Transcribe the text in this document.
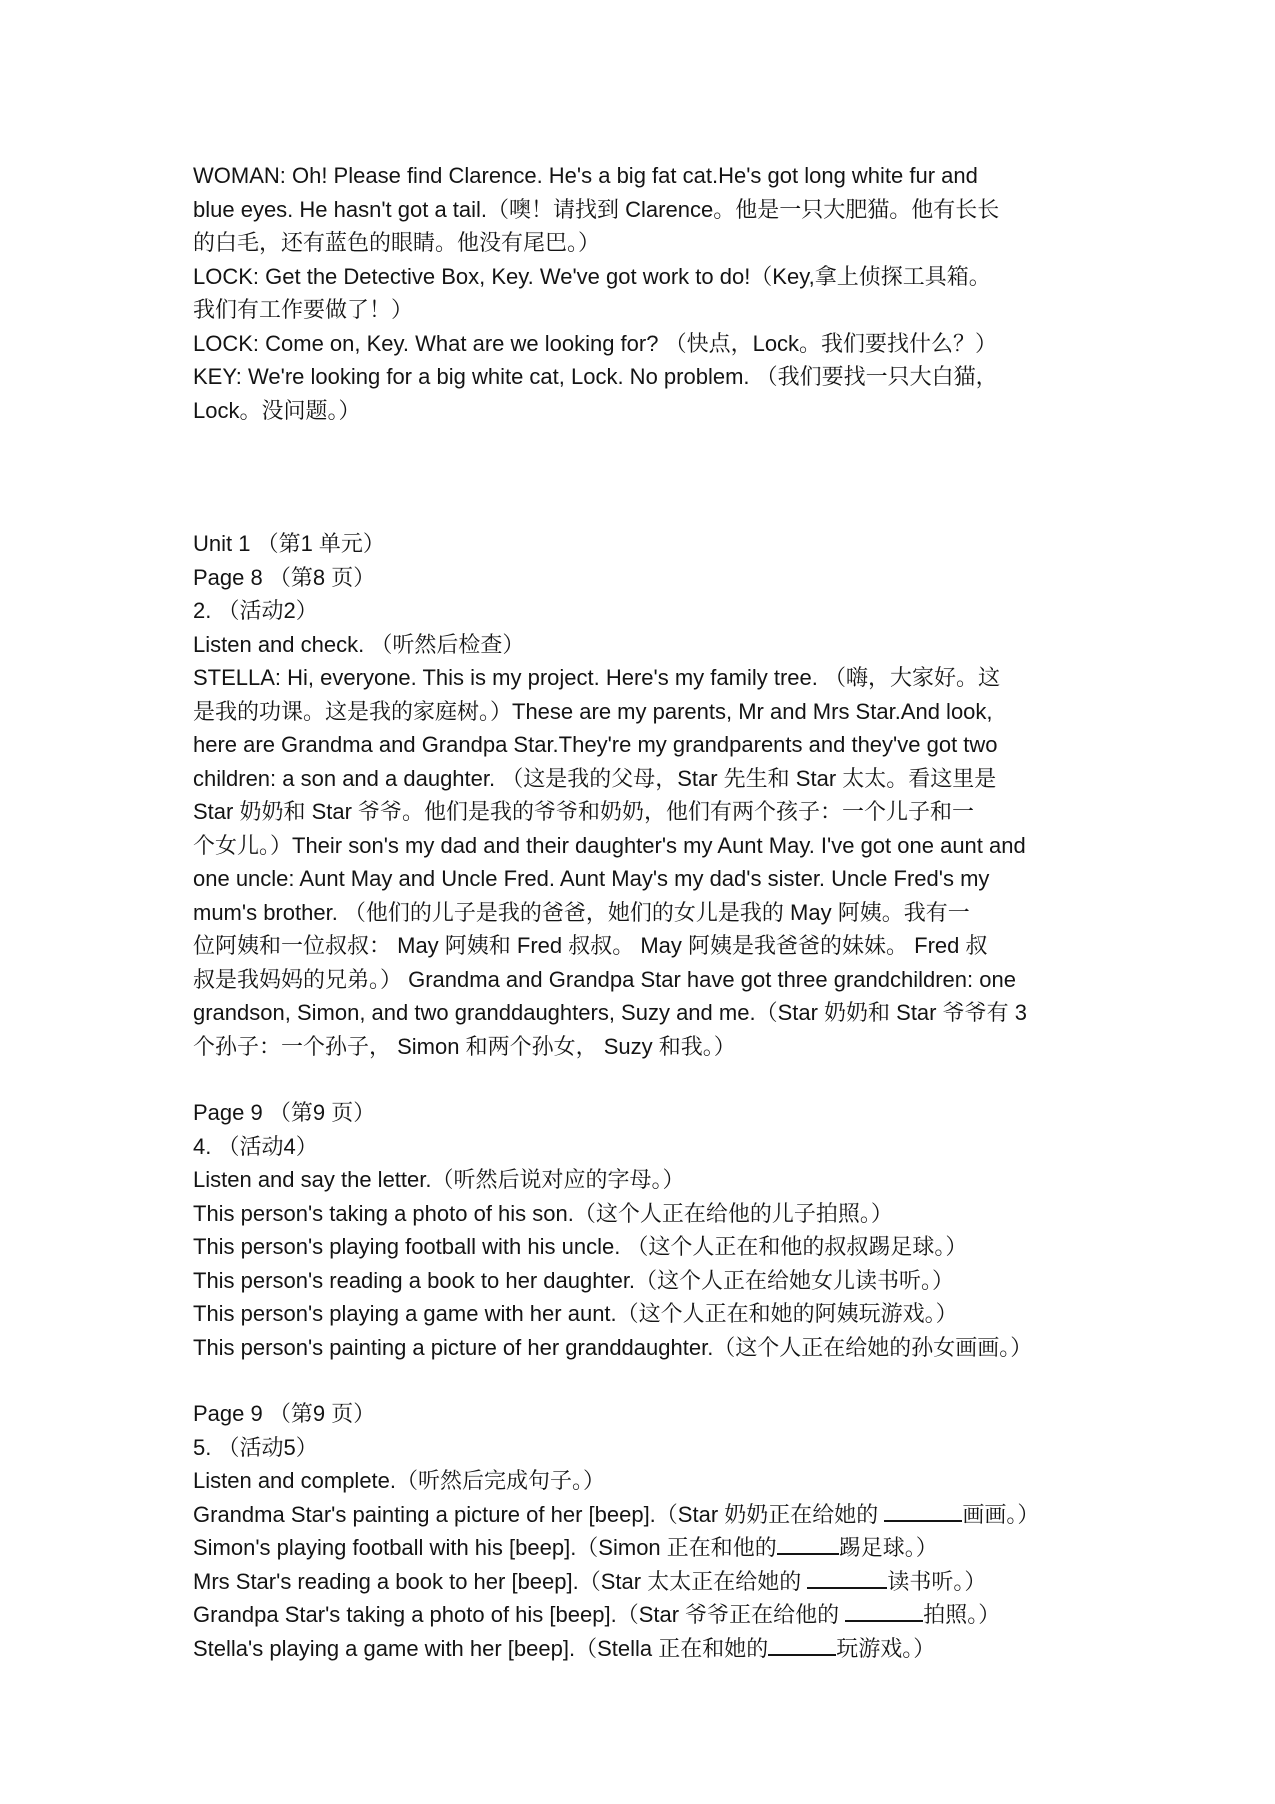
WOMAN: Oh! Please find Clarence. He's a big fat cat.He's got long white fur and
blue eyes. He hasn't got a tail.（噢！请找到 Clarence。他是一只大肥猫。他有长长
的白毛，还有蓝色的眼睛。他没有尾巴。）
LOCK: Get the Detective Box, Key. We've got work to do!（Key,拿上侦探工具箱。
我们有工作要做了！）
LOCK: Come on, Key. What are we looking for? （快点，Lock。我们要找什么？）
KEY: We're looking for a big white cat, Lock. No problem. （我们要找一只大白猫，
Lock。没问题。）
Unit 1 （第1 单元）
Page 8 （第8 页）
2. （活动2）
Listen and check. （听然后检查）
STELLA: Hi, everyone. This is my project. Here's my family tree. （嗨，大家好。这
是我的功课。这是我的家庭树。）These are my parents, Mr and Mrs Star.And look,
here are Grandma and Grandpa Star.They're my grandparents and they've got two
children: a son and a daughter. （这是我的父母，Star 先生和 Star 太太。看这里是
Star 奶奶和 Star 爷爷。他们是我的爷爷和奶奶，他们有两个孩子：一个儿子和一
个女儿。）Their son's my dad and their daughter's my Aunt May. I've got one aunt and
one uncle: Aunt May and Uncle Fred. Aunt May's my dad's sister. Uncle Fred's my
mum's brother. （他们的儿子是我的爸爸，她们的女儿是我的 May 阿姨。我有一
位阿姨和一位叔叔： May 阿姨和 Fred 叔叔。 May 阿姨是我爸爸的妹妹。 Fred 叔
叔是我妈妈的兄弟。） Grandma and Grandpa Star have got three grandchildren: one
grandson, Simon, and two granddaughters, Suzy and me.（Star 奶奶和 Star 爷爷有 3
个孙子：一个孙子， Simon 和两个孙女， Suzy 和我。）
Page 9 （第9 页）
4. （活动4）
Listen and say the letter.（听然后说对应的字母。）
This person's taking a photo of his son.（这个人正在给他的儿子拍照。）
This person's playing football with his uncle. （这个人正在和他的叔叔踢足球。）
This person's reading a book to her daughter.（这个人正在给她女儿读书听。）
This person's playing a game with her aunt.（这个人正在和她的阿姨玩游戏。）
This person's painting a picture of her granddaughter.（这个人正在给她的孙女画画。）
Page 9 （第9 页）
5. （活动5）
Listen and complete.（听然后完成句子。）
Grandma Star's painting a picture of her [beep].（Star 奶奶正在给她的	画画。）
Simon's playing football with his [beep].（Simon 正在和他的	踢足球。）
Mrs Star's reading a book to her [beep].（Star 太太正在给她的	读书听。）
Grandpa Star's taking a photo of his [beep].（Star 爷爷正在给他的	拍照。）
Stella's playing a game with her [beep].（Stella 正在和她的	玩游戏。）
